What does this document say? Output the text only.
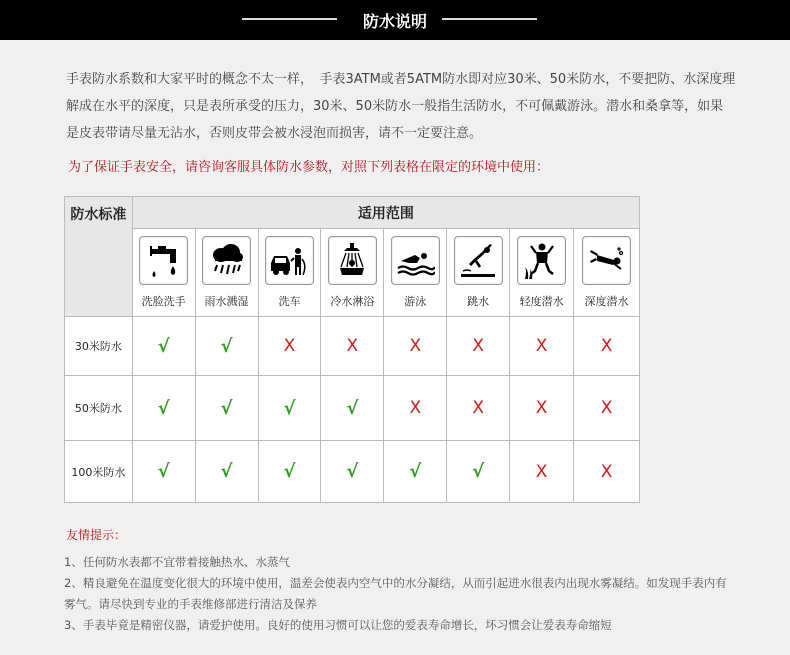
防水说明
手表防水系数和大家平时的概念不太一样，　手表3ATM或者5ATM防水即对应30米、50米防水，不要把防、水深度理解成在水平的深度，只是表所承受的压力，30米、50米防水一般指生活防水，不可佩戴游泳。潜水和桑拿等，如果是皮表带请尽量无沾水，否则皮带会被水浸泡而损害，请不一定要注意。
为了保证手表安全，请咨询客服具体防水参数，对照下列表格在限定的环境中使用：
防水标准	适用范围							

	洗脸洗手	雨水溅湿	洗车	冷水淋浴	游泳	跳水	轻度潜水	深度潜水

30米防水	√	√	X	X	X	X	X	X
50米防水	√	√	√	√	X	X	X	X
100米防水	√	√	√	√	√	√	X	X
友情提示：

1、任何防水表都不宜带着接触热水、水蒸气

2、精良避免在温度变化很大的环境中使用，温差会使表内空气中的水分凝结，从而引起进水很表内出现水雾凝结。如发现手表内有雾气。请尽快到专业的手表维修部进行清洁及保养

3、手表毕竟是精密仪器，请爱护使用。良好的使用习惯可以让您的爱表寿命增长，坏习惯会让爱表寿命缩短
